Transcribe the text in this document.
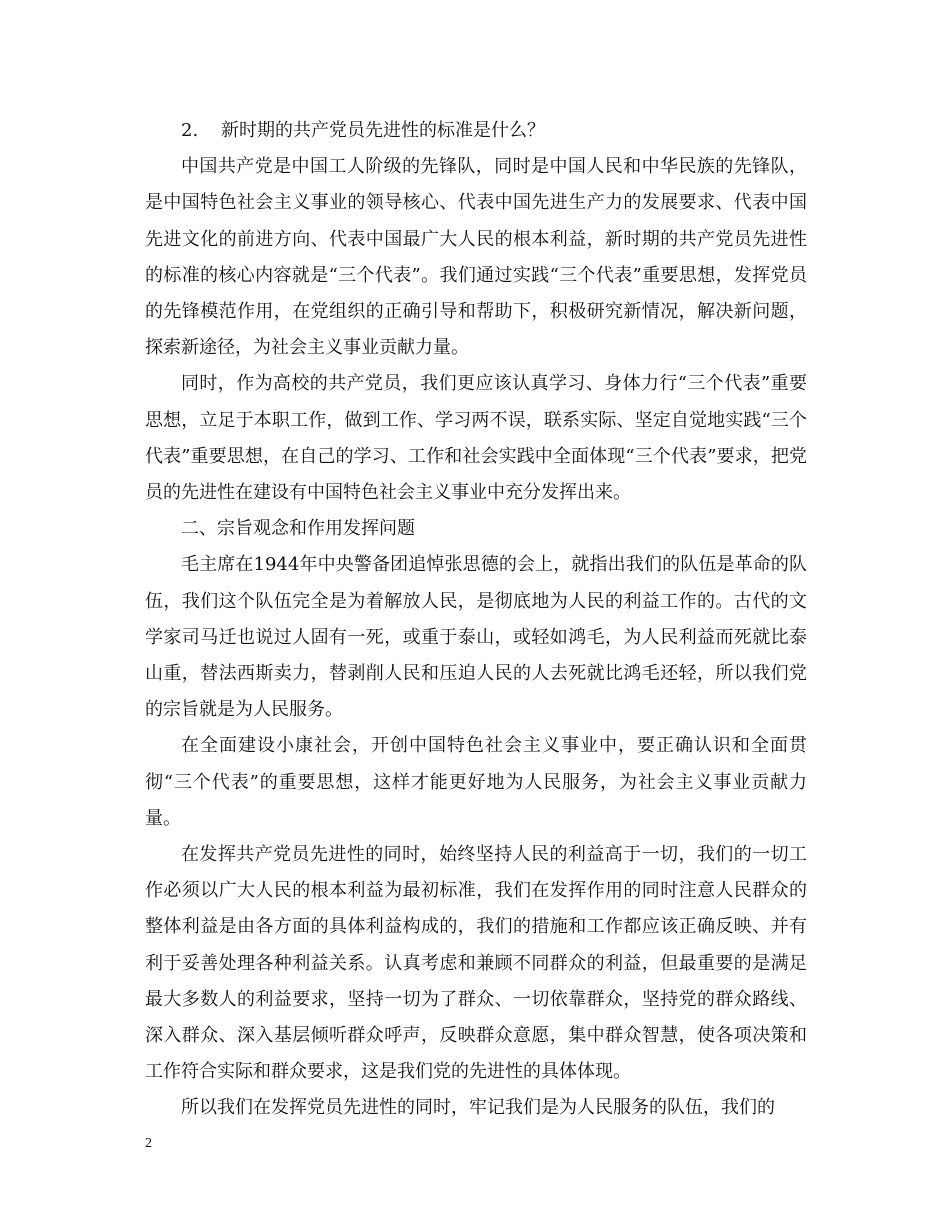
2. 新时期的共产党员先进性的标准是什么？

中国共产党是中国工人阶级的先锋队，同时是中国人民和中华民族的先锋队，是中国特色社会主义事业的领导核心、代表中国先进生产力的发展要求、代表中国先进文化的前进方向、代表中国最广大人民的根本利益，新时期的共产党员先进性的标准的核心内容就是“三个代表”。我们通过实践“三个代表”重要思想，发挥党员的先锋模范作用，在党组织的正确引导和帮助下，积极研究新情况，解决新问题，探索新途径，为社会主义事业贡献力量。

同时，作为高校的共产党员，我们更应该认真学习、身体力行“三个代表”重要思想，立足于本职工作，做到工作、学习两不误，联系实际、坚定自觉地实践“三个代表”重要思想，在自己的学习、工作和社会实践中全面体现“三个代表”要求，把党员的先进性在建设有中国特色社会主义事业中充分发挥出来。

二、宗旨观念和作用发挥问题

毛主席在1944年中央警备团追悼张思德的会上，就指出我们的队伍是革命的队伍，我们这个队伍完全是为着解放人民，是彻底地为人民的利益工作的。古代的文学家司马迁也说过人固有一死，或重于泰山，或轻如鸿毛，为人民利益而死就比泰山重，替法西斯卖力，替剥削人民和压迫人民的人去死就比鸿毛还轻，所以我们党的宗旨就是为人民服务。

在全面建设小康社会，开创中国特色社会主义事业中，要正确认识和全面贯彻“三个代表”的重要思想，这样才能更好地为人民服务，为社会主义事业贡献力量。

在发挥共产党员先进性的同时，始终坚持人民的利益高于一切，我们的一切工作必须以广大人民的根本利益为最初标准，我们在发挥作用的同时注意人民群众的整体利益是由各方面的具体利益构成的，我们的措施和工作都应该正确反映、并有利于妥善处理各种利益关系。认真考虑和兼顾不同群众的利益，但最重要的是满足最大多数人的利益要求，坚持一切为了群众、一切依靠群众，坚持党的群众路线、深入群众、深入基层倾听群众呼声，反映群众意愿，集中群众智慧，使各项决策和工作符合实际和群众要求，这是我们党的先进性的具体体现。

所以我们在发挥党员先进性的同时，牢记我们是为人民服务的队伍，我们的

2
